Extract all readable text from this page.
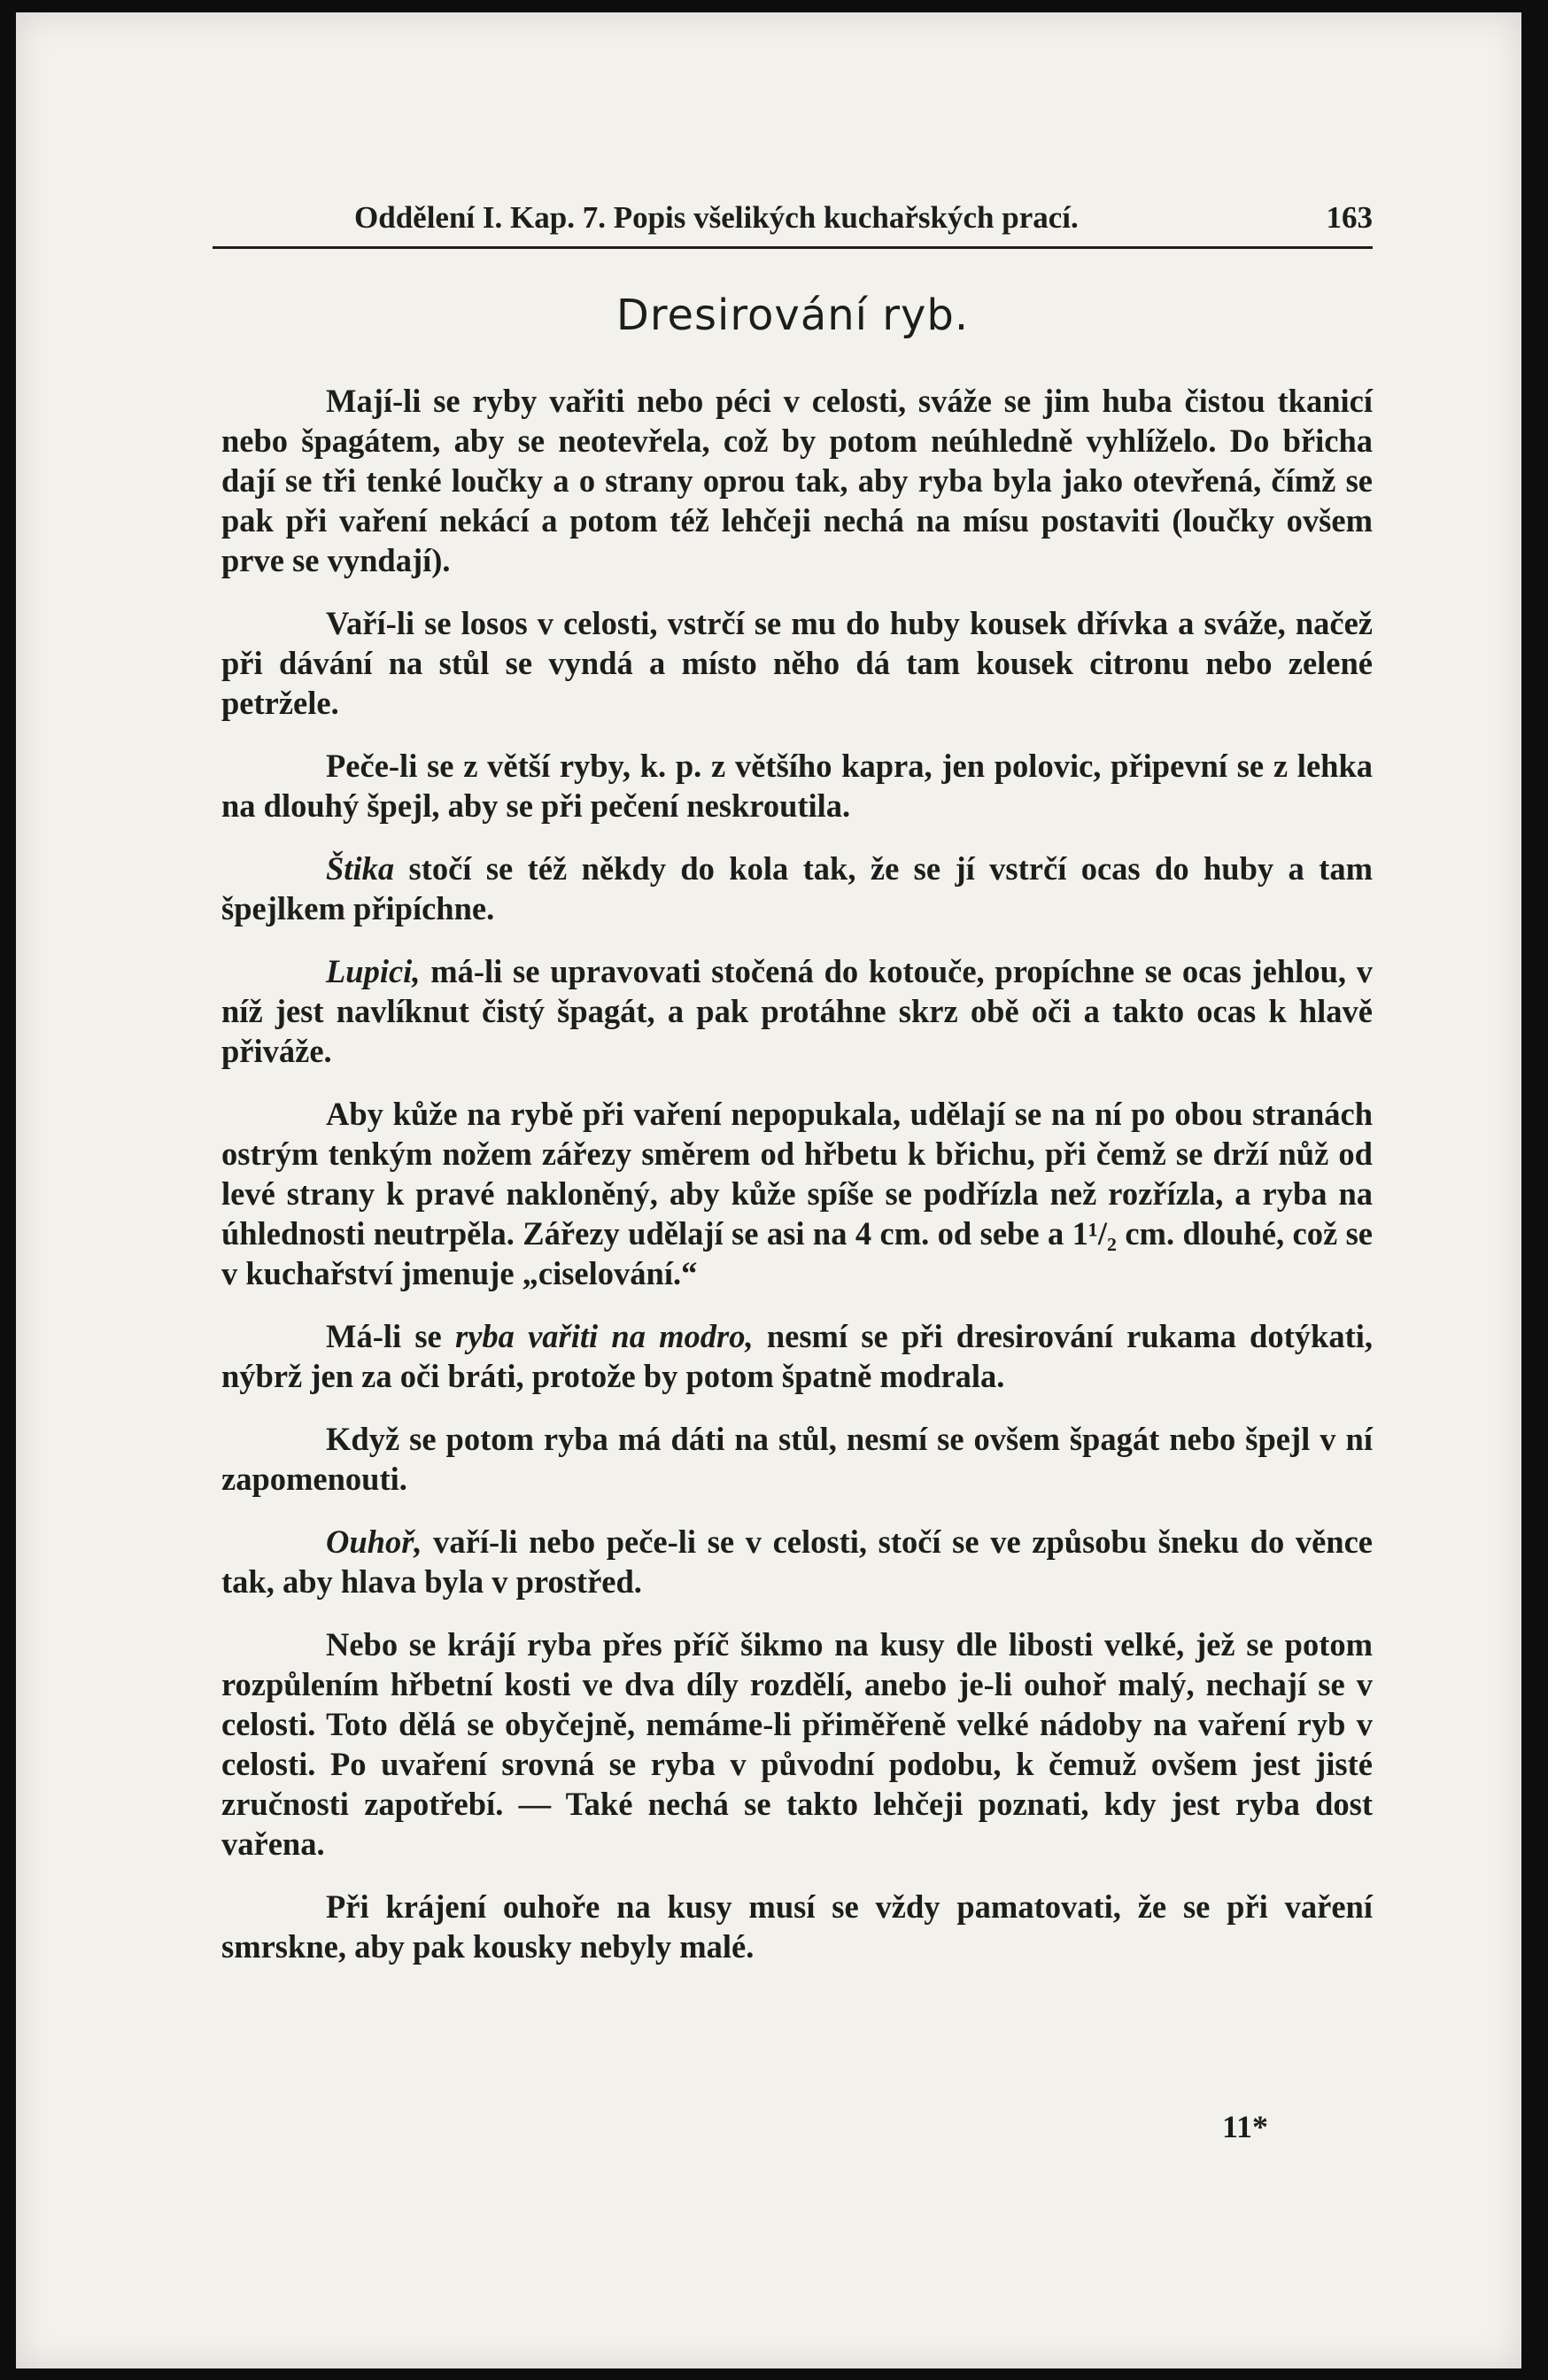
Oddělení I. Kap. 7. Popis všelikých kuchařských prací.	163
Dresirování ryb.

Mají-li se ryby vařiti nebo péci v celosti, sváže se jim huba čistou tkanicí nebo špagátem, aby se neotevřela, což by potom neúhledně vyhlíželo. Do břicha dají se tři tenké loučky a o strany oprou tak, aby ryba byla jako otevřená, čímž se pak při vaření nekácí a potom též lehčeji nechá na mísu postaviti (loučky ovšem prve se vyndají).

Vaří-li se losos v celosti, vstrčí se mu do huby kousek dřívka a sváže, načež při dávání na stůl se vyndá a místo něho dá tam kousek citronu nebo zelené petržele.

Peče-li se z větší ryby, k. p. z většího kapra, jen polovic, připevní se z lehka na dlouhý špejl, aby se při pečení neskroutila.

Štika stočí se též někdy do kola tak, že se jí vstrčí ocas do huby a tam špejlkem připíchne.

Lupici, má-li se upravovati stočená do kotouče, propíchne se ocas jehlou, v níž jest navlíknut čistý špagát, a pak protáhne skrz obě oči a takto ocas k hlavě přiváže.

Aby kůže na rybě při vaření nepopukala, udělají se na ní po obou stranách ostrým tenkým nožem zářezy směrem od hřbetu k břichu, při čemž se drží nůž od levé strany k pravé nakloněný, aby kůže spíše se podřízla než rozřízla, a ryba na úhlednosti neutrpěla. Zářezy udělají se asi na 4 cm. od sebe a 1¹/₂ cm. dlouhé, což se v kuchařství jmenuje „ciselování.“

Má-li se ryba vařiti na modro, nesmí se při dresirování rukama dotýkati, nýbrž jen za oči bráti, protože by potom špatně modrala.

Když se potom ryba má dáti na stůl, nesmí se ovšem špagát nebo špejl v ní zapomenouti.

Ouhoř, vaří-li nebo peče-li se v celosti, stočí se ve způsobu šneku do věnce tak, aby hlava byla v prostřed.

Nebo se krájí ryba přes příč šikmo na kusy dle libosti velké, jež se potom rozpůlením hřbetní kosti ve dva díly rozdělí, anebo je-li ouhoř malý, nechají se v celosti. Toto dělá se obyčejně, nemáme-li přiměřeně velké nádoby na vaření ryb v celosti. Po uvaření srovná se ryba v původní podobu, k čemuž ovšem jest jisté zručnosti zapotřebí. — Také nechá se takto lehčeji poznati, kdy jest ryba dost vařena.

Při krájení ouhoře na kusy musí se vždy pamatovati, že se při vaření smrskne, aby pak kousky nebyly malé.

11*
